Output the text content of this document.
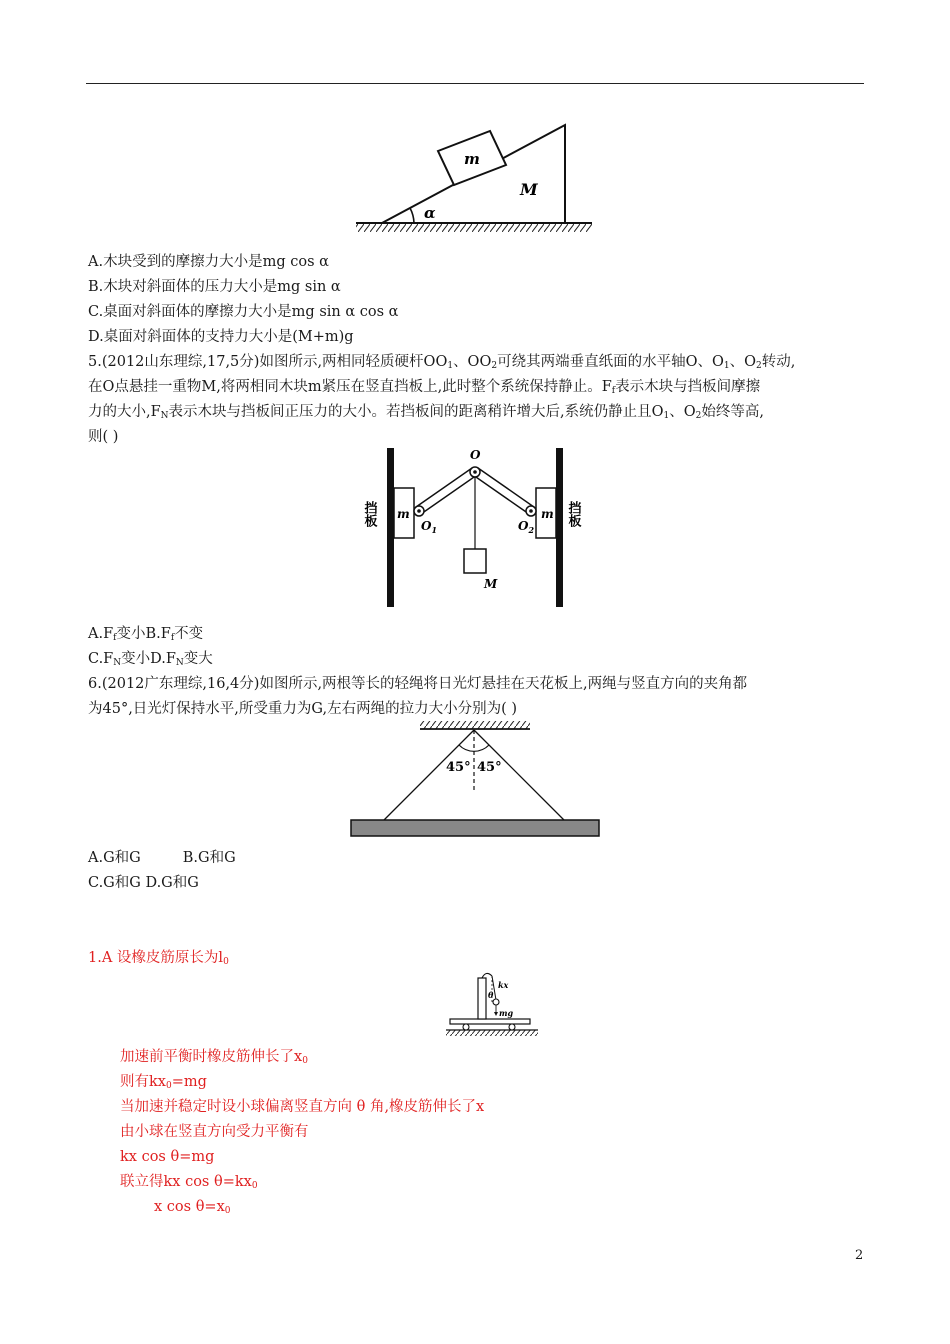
m
M
α
A.木块受到的摩擦力大小是mg cos α
B.木块对斜面体的压力大小是mg sin α
C.桌面对斜面体的摩擦力大小是mg sin α cos α
D.桌面对斜面体的支持力大小是(M+m)g
5.(2012山东理综,17,5分)如图所示,两相同轻质硬杆$OO_1$、$OO_2$可绕其两端垂直纸面的水平轴O、$O_1$、$O_2$转动,
在O点悬挂一重物M,将两相同木块m紧压在竖直挡板上,此时整个系统保持静止。$F_f$表示木块与挡板间摩擦
力的大小$,F_N$表示木块与挡板间正压力的大小。若挡板间的距离稍许增大后,系统仍静止且$O_1$、$O_2$始终等高,
则( )
挡板	挡板
m	m
O
$O_1$	$O_2$
M
$A.F_f$变小$B.F_f$不变
$C.F_N$变小$D.F_N$变大
6.(2012广东理综,16,4分)如图所示,两根等长的轻绳将日光灯悬挂在天花板上,两绳与竖直方向的夹角都
为45°,日光灯保持水平,所受重力为G,左右两绳的拉力大小分别为( )
45° 45°
A.G和G	B.G和G
C.G和G D.G和G
1.A 设橡皮筋原长为$l_0$
kx
θ
mg
加速前平衡时橡皮筋伸长了$x_0$
则有$kx_0=mg$
当加速并稳定时设小球偏离竖直方向 θ 角,橡皮筋伸长了x
由小球在竖直方向受力平衡有
kx cos θ=mg
联立得kx $\cos \theta=kx_0$
x $\cos \theta=x_0$
2
